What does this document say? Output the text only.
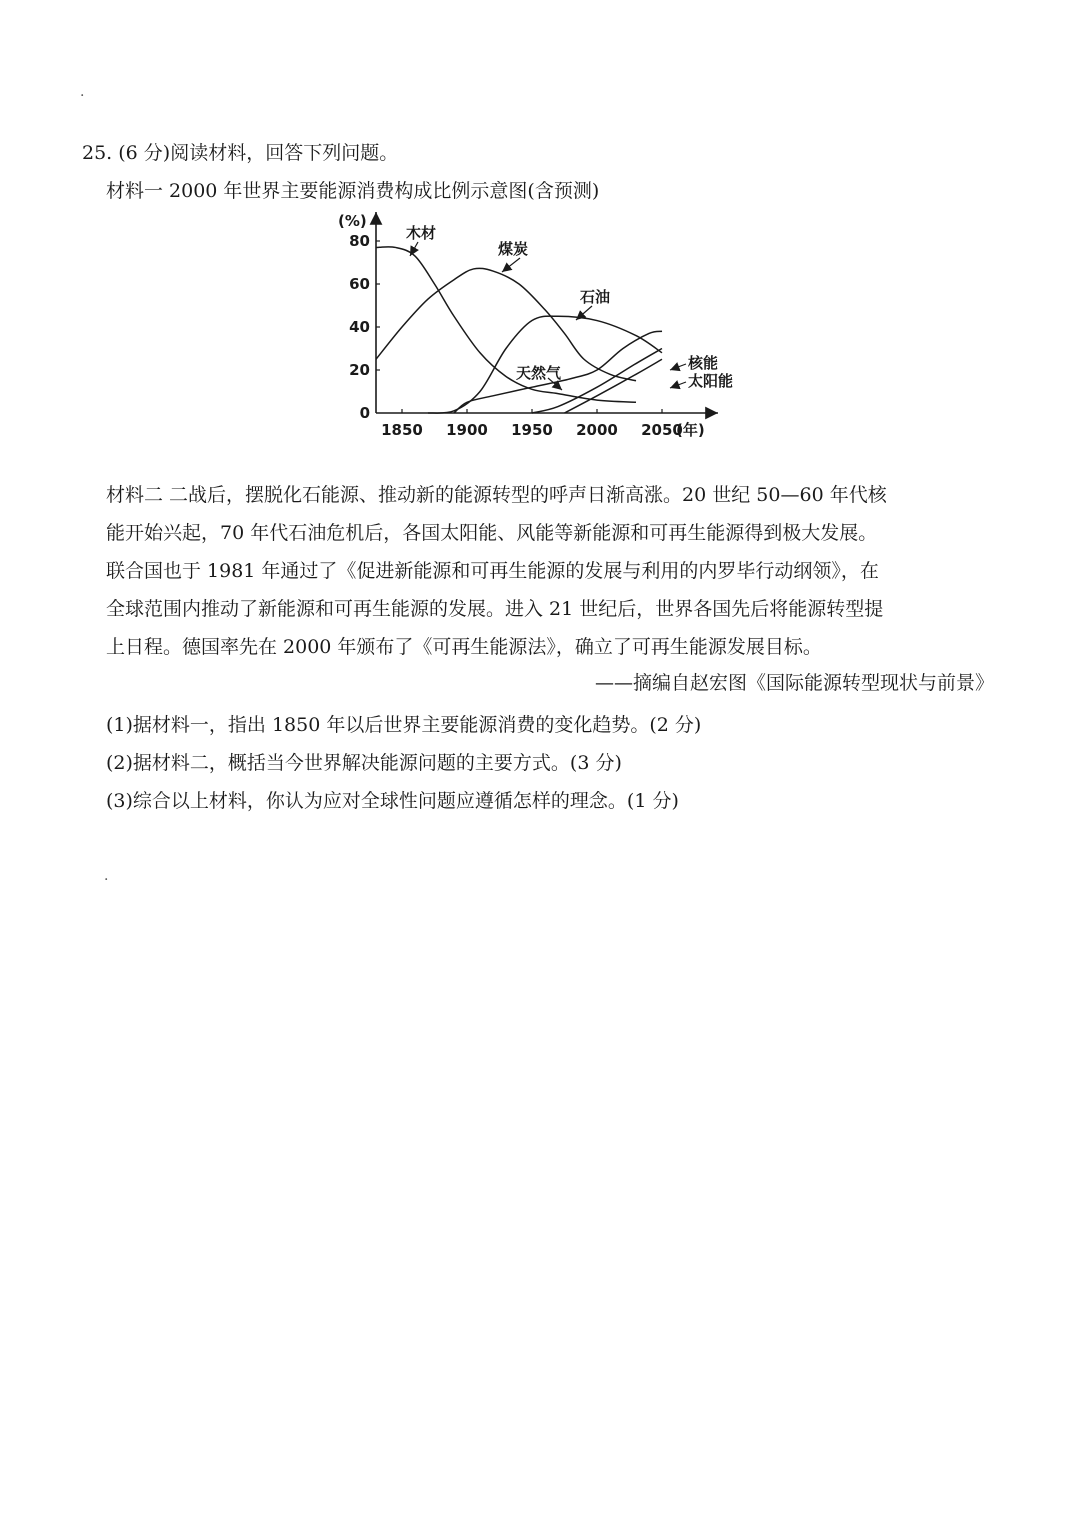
·
25. (6 分)阅读材料，回答下列问题。
材料一 2000 年世界主要能源消费构成比例示意图(含预测)
1850 1900 1950 2000 2050
0
20
40
60
80
(%)
(年)
木材
煤炭
石油
天然气
核能
太阳能
材料二 二战后，摆脱化石能源、推动新的能源转型的呼声日渐高涨。20 世纪 50—60 年代核
能开始兴起，70 年代石油危机后，各国太阳能、风能等新能源和可再生能源得到极大发展。
联合国也于 1981 年通过了《促进新能源和可再生能源的发展与利用的内罗毕行动纲领》，在
全球范围内推动了新能源和可再生能源的发展。进入 21 世纪后，世界各国先后将能源转型提
上日程。德国率先在 2000 年颁布了《可再生能源法》，确立了可再生能源发展目标。
——摘编自赵宏图《国际能源转型现状与前景》
(1)据材料一，指出 1850 年以后世界主要能源消费的变化趋势。(2 分)
(2)据材料二，概括当今世界解决能源问题的主要方式。(3 分)
(3)综合以上材料，你认为应对全球性问题应遵循怎样的理念。(1 分)
·
